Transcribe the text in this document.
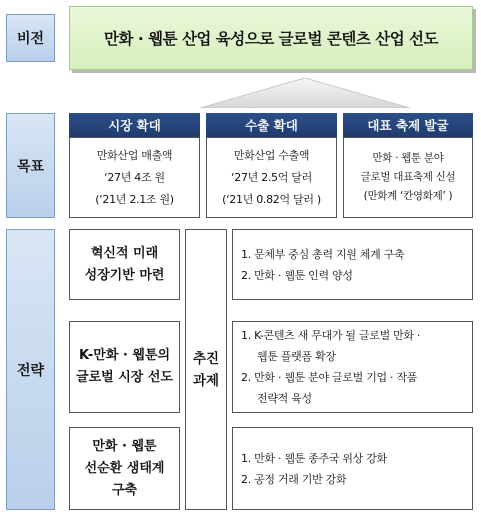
비전	만화 · 웹툰 산업 육성으로 글로벌 콘텐츠 산업 선도
목표
시장 확대
만화산업 매출액
‘27년 4조 원
(‘21년 2.1조 원)
수출 확대
만화산업 수출액
‘27년 2.5억 달러
(‘21년 0.82억 달러 )
대표 축제 발굴
만화 · 웹툰 분야
글로벌 대표축제 신설
(만화계 ‘칸영화제’ )
전략
혁신적 미래
성장기반 마련
K-만화 · 웹툰의
글로벌 시장 선도
만화 · 웹툰
선순환 생태계
구축
추진
과제
1. 문체부 중심 총력 지원 체계 구축
2. 만화 · 웹툰 인력 양성
1. K-콘텐츠 새 무대가 될 글로벌 만화 ·
웹툰 플랫폼 확장
2. 만화 · 웹툰 분야 글로벌 기업 · 작품
전략적 육성
1. 만화 · 웹툰 종주국 위상 강화
2. 공정 거래 기반 강화
